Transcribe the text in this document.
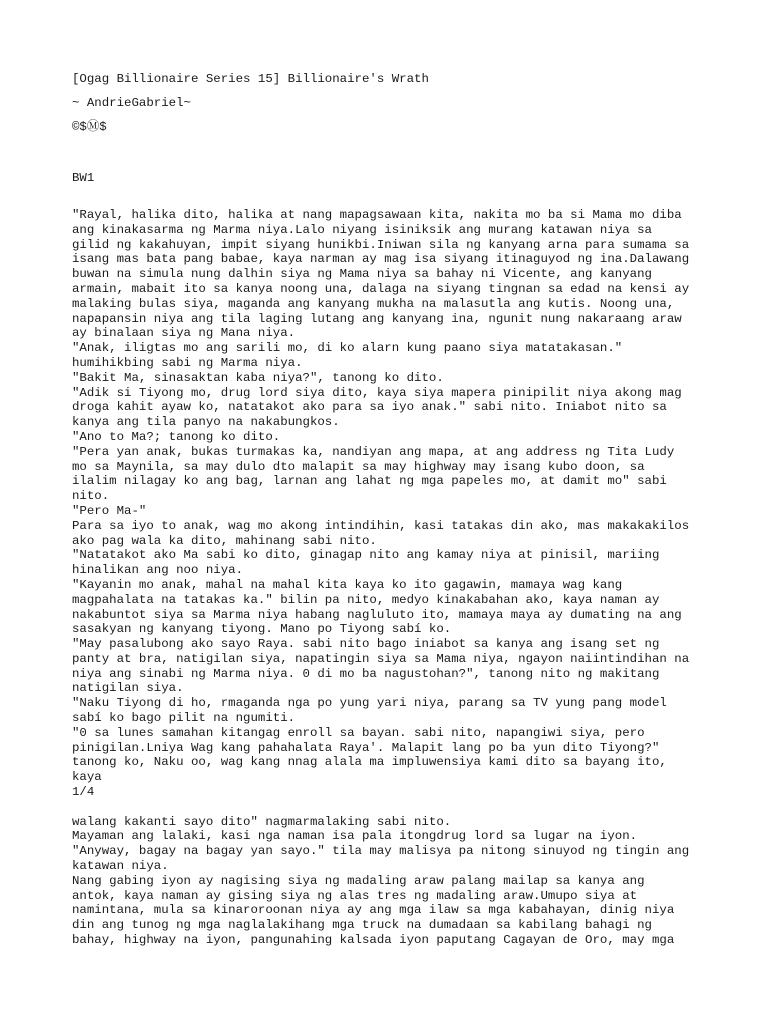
[Ogag Billionaire Series 15] Billionaire's Wrath
~ AndrieGabriel~
©$Ⓜ$
BW1
"Rayal, halika dito, halika at nang mapagsawaan kita, nakita mo ba si Mama mo diba
ang kinakasarma ng Marma niya.Lalo niyang isiniksik ang murang katawan niya sa
gilid ng kakahuyan, impit siyang hunikbi.Iniwan sila ng kanyang arna para sumama sa
isang mas bata pang babae, kaya narman ay mag isa siyang itinaguyod ng ina.Dalawang
buwan na simula nung dalhin siya ng Mama niya sa bahay ni Vicente, ang kanyang
armain, mabait ito sa kanya noong una, dalaga na siyang tingnan sa edad na kensi ay
malaking bulas siya, maganda ang kanyang mukha na malasutla ang kutis. Noong una,
napapansin niya ang tila laging lutang ang kanyang ina, ngunit nung nakaraang araw
ay binalaan siya ng Mana niya.
"Anak, iligtas mo ang sarili mo, di ko alarn kung paano siya matatakasan."
humihikbing sabi ng Marma niya.
"Bakit Ma, sinasaktan kaba niya?", tanong ko dito.
"Adik si Tiyong mo, drug lord siya dito, kaya siya mapera pinipilit niya akong mag
droga kahit ayaw ko, natatakot ako para sa iyo anak." sabi nito. Iniabot nito sa
kanya ang tila panyo na nakabungkos.
"Ano to Ma?; tanong ko dito.
"Pera yan anak, bukas turmakas ka, nandiyan ang mapa, at ang address ng Tita Ludy
mo sa Maynila, sa may dulo dto malapit sa may highway may isang kubo doon, sa
ilalim nilagay ko ang bag, larnan ang lahat ng mga papeles mo, at damit mo" sabi
nito.
"Pero Ma-"
Para sa iyo to anak, wag mo akong intindihin, kasi tatakas din ako, mas makakakilos
ako pag wala ka dito, mahinang sabi nito.
"Natatakot ako Ma sabi ko dito, ginagap nito ang kamay niya at pinisil, mariing
hinalikan ang noo niya.
"Kayanin mo anak, mahal na mahal kita kaya ko ito gagawin, mamaya wag kang
magpahalata na tatakas ka." bilin pa nito, medyo kinakabahan ako, kaya naman ay
nakabuntot siya sa Marma niya habang nagluluto ito, mamaya maya ay dumating na ang
sasakyan ng kanyang tiyong. Mano po Tiyong sabí ko.
"May pasalubong ako sayo Raya. sabi nito bago iniabot sa kanya ang isang set ng
panty at bra, natigilan siya, napatingin siya sa Mama niya, ngayon naiintindihan na
niya ang sinabi ng Marma niya. 0 di mo ba nagustohan?", tanong nito ng makitang
natigilan siya.
"Naku Tiyong di ho, rmaganda nga po yung yari niya, parang sa TV yung pang model
sabí ko bago pilit na ngumiti.
"0 sa lunes samahan kitangag enroll sa bayan. sabi nito, napangiwi siya, pero
pinigilan.Lniya Wag kang pahahalata Raya'. Malapit lang po ba yun dito Tiyong?"
tanong ko, Naku oo, wag kang nnag alala ma impluwensiya kami dito sa bayang ito,
kaya
1/4
walang kakanti sayo dito" nagmarmalaking sabi nito.
Mayaman ang lalaki, kasi nga naman isa pala itongdrug lord sa lugar na iyon.
"Anyway, bagay na bagay yan sayo." tila may malisya pa nitong sinuyod ng tingin ang
katawan niya.
Nang gabing iyon ay nagising siya ng madaling araw palang mailap sa kanya ang
antok, kaya naman ay gising siya ng alas tres ng madaling araw.Umupo siya at
namintana, mula sa kinaroroonan niya ay ang mga ilaw sa mga kabahayan, dinig niya
din ang tunog ng mga naglalakihang mga truck na dumadaan sa kabilang bahagi ng
bahay, highway na iyon, pangunahing kalsada iyon paputang Cagayan de Oro, may mga
